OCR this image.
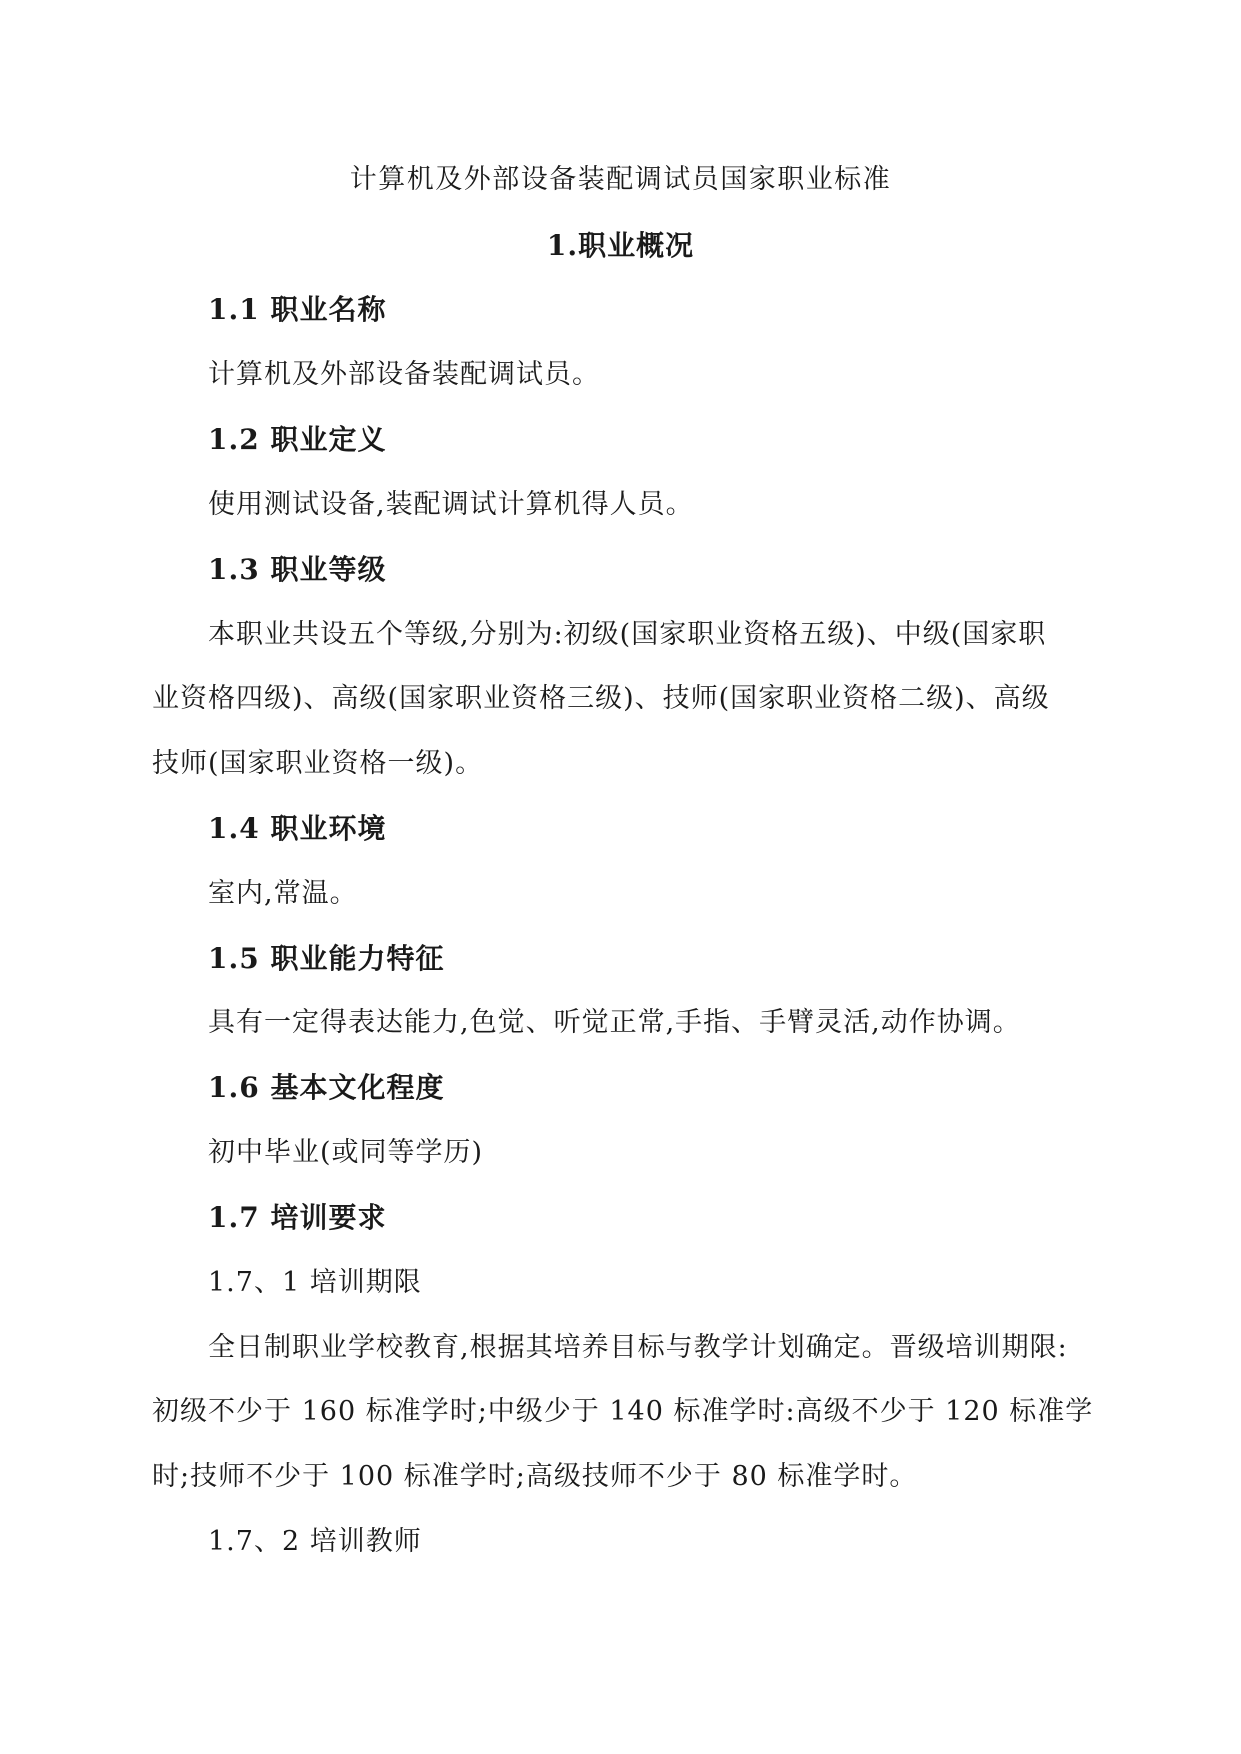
计算机及外部设备装配调试员国家职业标准
1.职业概况
1.1 职业名称
计算机及外部设备装配调试员。
1.2 职业定义
使用测试设备,装配调试计算机得人员。
1.3 职业等级
本职业共设五个等级,分别为:初级(国家职业资格五级)、中级(国家职
业资格四级)、高级(国家职业资格三级)、技师(国家职业资格二级)、高级
技师(国家职业资格一级)。
1.4 职业环境
室内,常温。
1.5 职业能力特征
具有一定得表达能力,色觉、听觉正常,手指、手臂灵活,动作协调。
1.6 基本文化程度
初中毕业(或同等学历)
1.7 培训要求
1.7、1 培训期限
全日制职业学校教育,根据其培养目标与教学计划确定。晋级培训期限:
初级不少于 160 标准学时;中级少于 140 标准学时:高级不少于 120 标准学
时;技师不少于 100 标准学时;高级技师不少于 80 标准学时。
1.7、2 培训教师
